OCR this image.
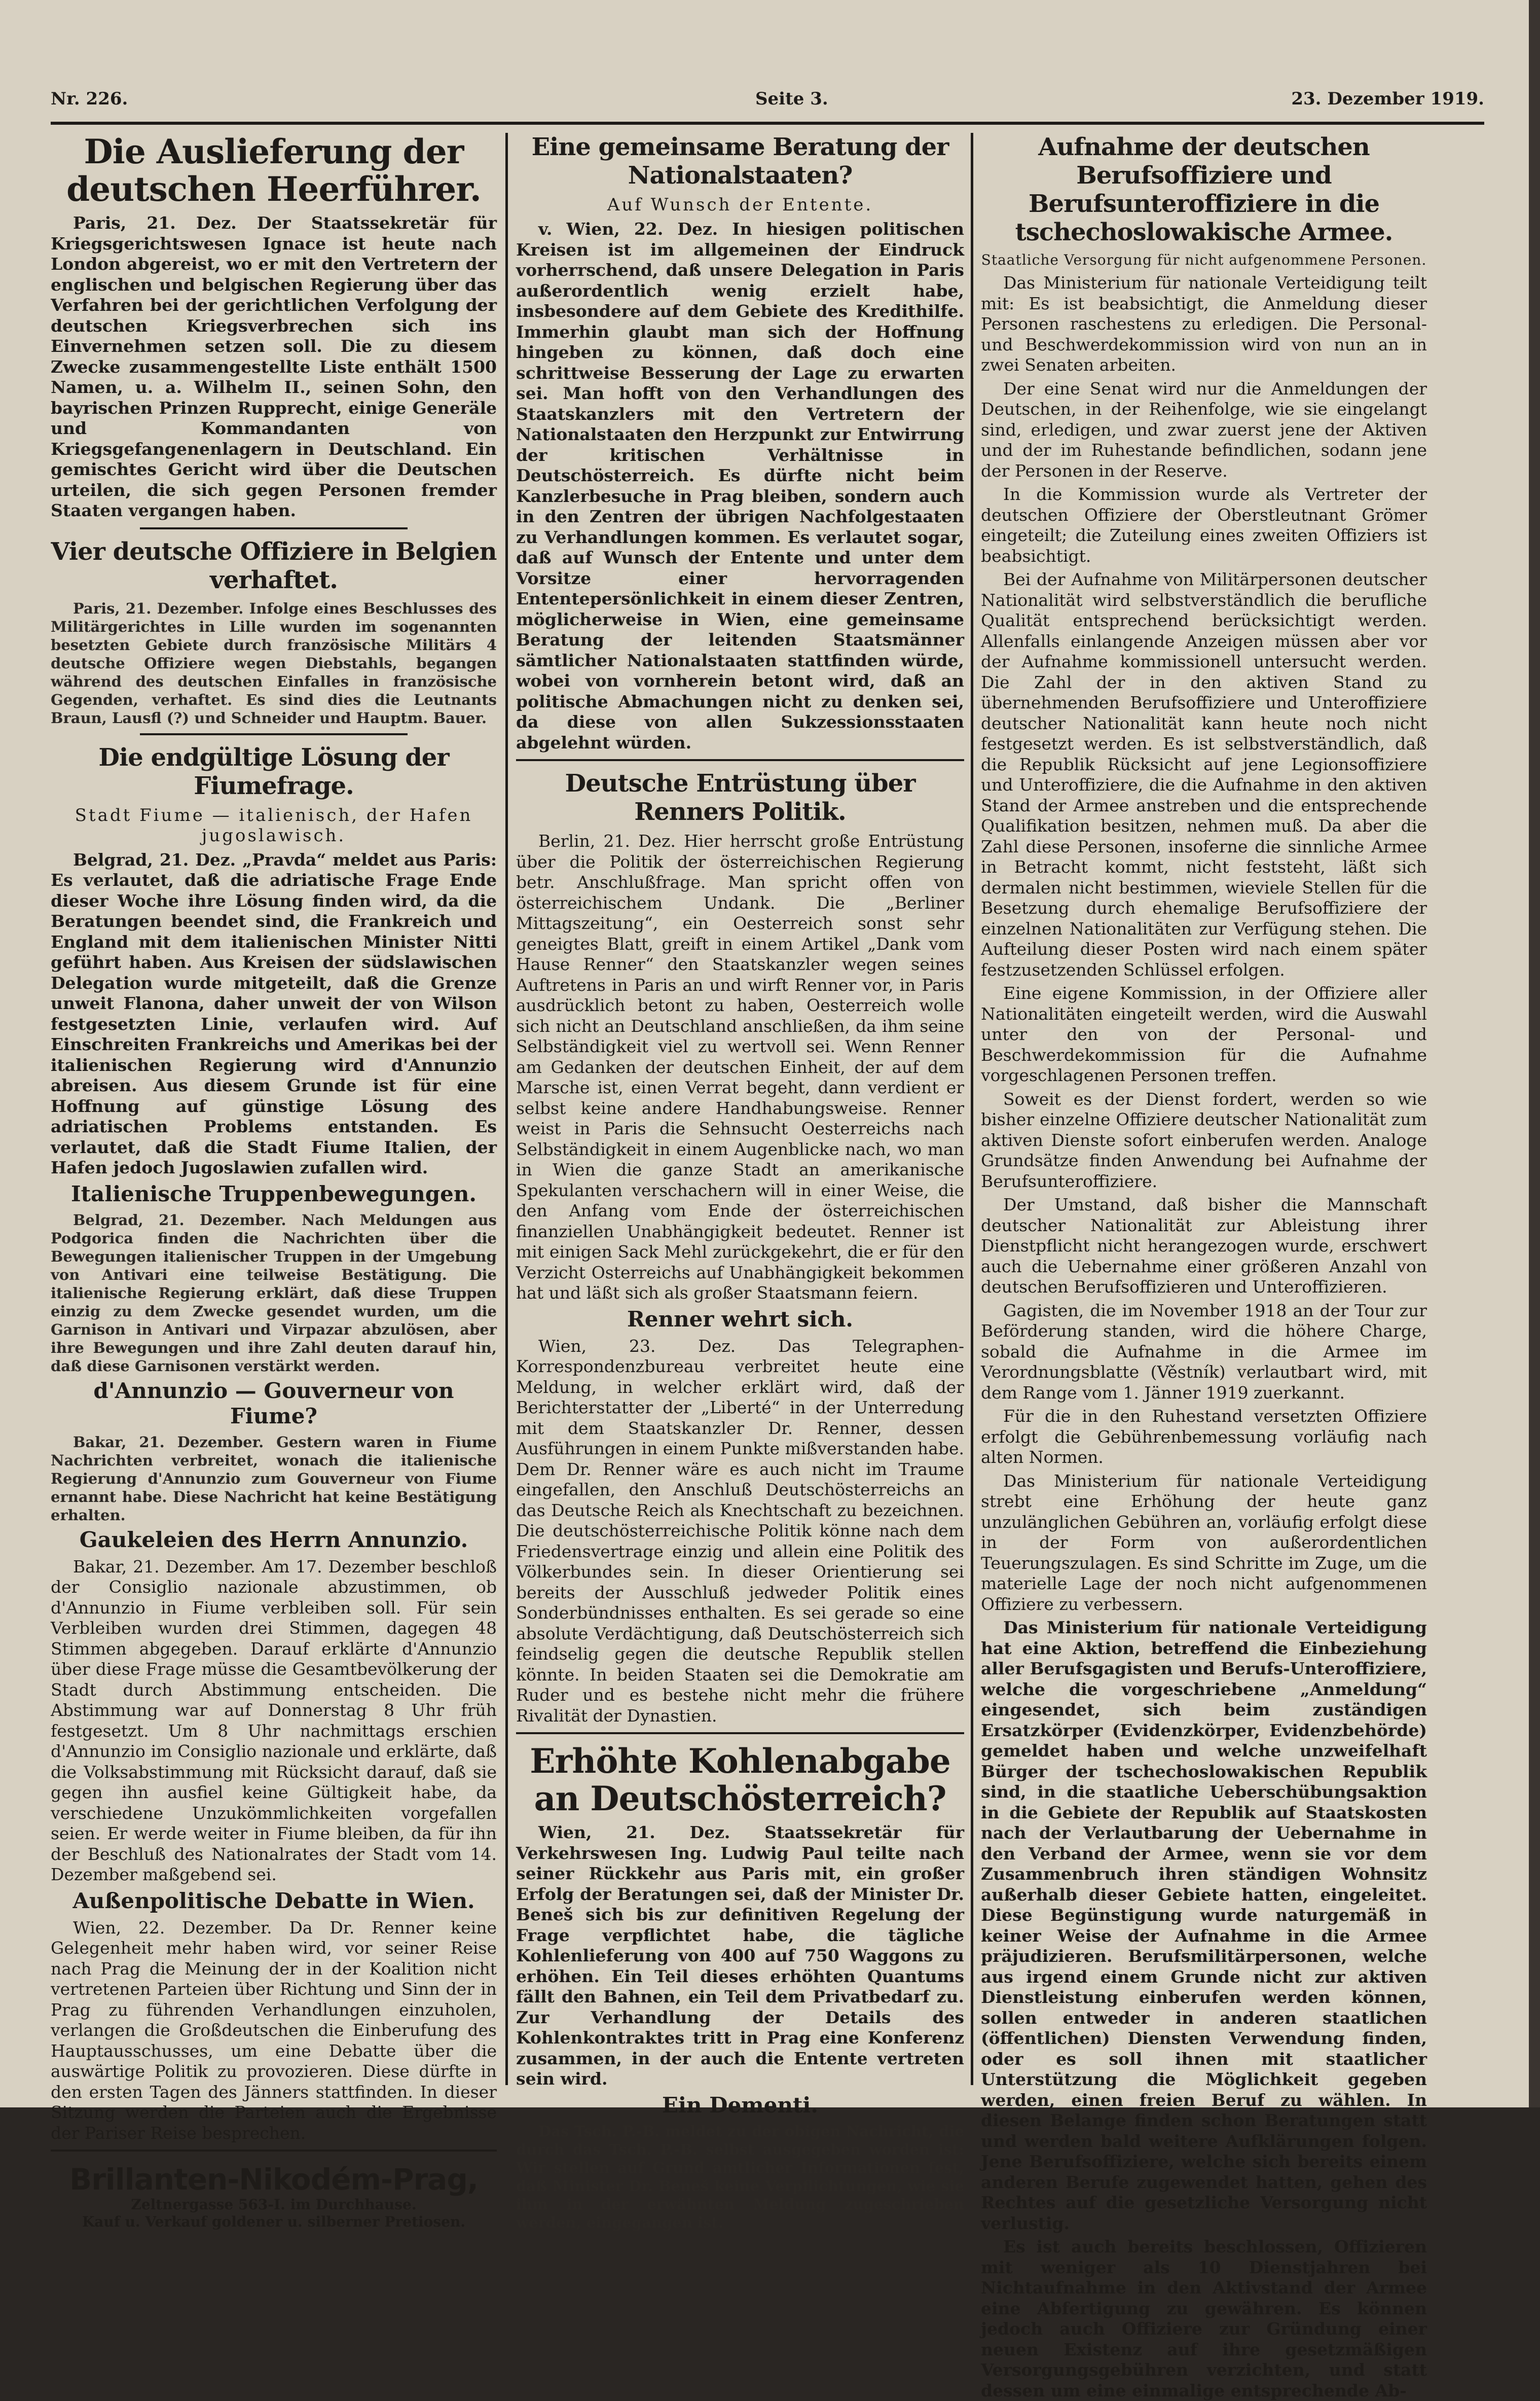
Nr. 226.	Seite 3.	23. Dezember 1919.
Die Auslieferung der deutschen Heerführer.

Paris, 21. Dez. Der Staatssekretär für Kriegsgerichtswesen Ignace ist heute nach London abgereist, wo er mit den Vertretern der englischen und belgischen Regierung über das Verfahren bei der gerichtlichen Verfolgung der deutschen Kriegsverbrechen sich ins Einvernehmen setzen soll. Die zu diesem Zwecke zusammengestellte Liste enthält 1500 Namen, u. a. Wilhelm II., seinen Sohn, den bayrischen Prinzen Rupprecht, einige Generäle und Kommandanten von Kriegsgefangenenlagern in Deutschland. Ein gemischtes Gericht wird über die Deutschen urteilen, die sich gegen Personen fremder Staaten vergangen haben.

Vier deutsche Offiziere in Belgien verhaftet.

Paris, 21. Dezember. Infolge eines Beschlusses des Militärgerichtes in Lille wurden im sogenannten besetzten Gebiete durch französische Militärs 4 deutsche Offiziere wegen Diebstahls, begangen während des deutschen Einfalles in französische Gegenden, verhaftet. Es sind dies die Leutnants Braun, Lausfl (?) und Schneider und Hauptm. Bauer.

Die endgültige Lösung der Fiumefrage.
Stadt Fiume — italienisch, der Hafen jugoslawisch.

Belgrad, 21. Dez. „Pravda“ meldet aus Paris: Es verlautet, daß die adriatische Frage Ende dieser Woche ihre Lösung finden wird, da die Beratungen beendet sind, die Frankreich und England mit dem italienischen Minister Nitti geführt haben. Aus Kreisen der südslawischen Delegation wurde mitgeteilt, daß die Grenze unweit Flanona, daher unweit der von Wilson festgesetzten Linie, verlaufen wird. Auf Einschreiten Frankreichs und Amerikas bei der italienischen Regierung wird d'Annunzio abreisen. Aus diesem Grunde ist für eine Hoffnung auf günstige Lösung des adriatischen Problems entstanden. Es verlautet, daß die Stadt Fiume Italien, der Hafen jedoch Jugoslawien zufallen wird.

Italienische Truppenbewegungen.

Belgrad, 21. Dezember. Nach Meldungen aus Podgorica finden die Nachrichten über die Bewegungen italienischer Truppen in der Umgebung von Antivari eine teilweise Bestätigung. Die italienische Regierung erklärt, daß diese Truppen einzig zu dem Zwecke gesendet wurden, um die Garnison in Antivari und Virpazar abzulösen, aber ihre Bewegungen und ihre Zahl deuten darauf hin, daß diese Garnisonen verstärkt werden.

d'Annunzio — Gouverneur von Fiume?

Bakar, 21. Dezember. Gestern waren in Fiume Nachrichten verbreitet, wonach die italienische Regierung d'Annunzio zum Gouverneur von Fiume ernannt habe. Diese Nachricht hat keine Bestätigung erhalten.

Gaukeleien des Herrn Annunzio.

Bakar, 21. Dezember. Am 17. Dezember beschloß der Consiglio nazionale abzustimmen, ob d'Annunzio in Fiume verbleiben soll. Für sein Verbleiben wurden drei Stimmen, dagegen 48 Stimmen abgegeben. Darauf erklärte d'Annunzio über diese Frage müsse die Gesamtbevölkerung der Stadt durch Abstimmung entscheiden. Die Abstimmung war auf Donnerstag 8 Uhr früh festgesetzt. Um 8 Uhr nachmittags erschien d'Annunzio im Consiglio nazionale und erklärte, daß die Volksabstimmung mit Rücksicht darauf, daß sie gegen ihn ausfiel keine Gültigkeit habe, da verschiedene Unzukömmlichkeiten vorgefallen seien. Er werde weiter in Fiume bleiben, da für ihn der Beschluß des Nationalrates der Stadt vom 14. Dezember maßgebend sei.

Außenpolitische Debatte in Wien.

Wien, 22. Dezember. Da Dr. Renner keine Gelegenheit mehr haben wird, vor seiner Reise nach Prag die Meinung der in der Koalition nicht vertretenen Parteien über Richtung und Sinn der in Prag zu führenden Verhandlungen einzuholen, verlangen die Großdeutschen die Einberufung des Hauptausschusses, um eine Debatte über die auswärtige Politik zu provozieren. Diese dürfte in den ersten Tagen des Jänners stattfinden. In dieser Sitzung werden die Parteien auch die Ergebnisse der Pariser Reise besprechen.

Brillanten-Nikodém-Prag,
Zeltnergasse 563-I. im Durchhause.
Kauf u. Verkauf goldener u. silberner Pretiosen.
Eine gemeinsame Beratung der Nationalstaaten?
Auf Wunsch der Entente.

v. Wien, 22. Dez. In hiesigen politischen Kreisen ist im allgemeinen der Eindruck vorherrschend, daß unsere Delegation in Paris außerordentlich wenig erzielt habe, insbesondere auf dem Gebiete des Kredithilfe. Immerhin glaubt man sich der Hoffnung hingeben zu können, daß doch eine schrittweise Besserung der Lage zu erwarten sei. Man hofft von den Verhandlungen des Staatskanzlers mit den Vertretern der Nationalstaaten den Herzpunkt zur Entwirrung der kritischen Verhältnisse in Deutschösterreich. Es dürfte nicht beim Kanzlerbesuche in Prag bleiben, sondern auch in den Zentren der übrigen Nachfolgestaaten zu Verhandlungen kommen. Es verlautet sogar, daß auf Wunsch der Entente und unter dem Vorsitze einer hervorragenden Ententepersönlichkeit in einem dieser Zentren, möglicherweise in Wien, eine gemeinsame Beratung der leitenden Staatsmänner sämtlicher Nationalstaaten stattfinden würde, wobei von vornherein betont wird, daß an politische Abmachungen nicht zu denken sei, da diese von allen Sukzessionsstaaten abgelehnt würden.

Deutsche Entrüstung über Renners Politik.

Berlin, 21. Dez. Hier herrscht große Entrüstung über die Politik der österreichischen Regierung betr. Anschlußfrage. Man spricht offen von österreichischem Undank. Die „Berliner Mittagszeitung“, ein Oesterreich sonst sehr geneigtes Blatt, greift in einem Artikel „Dank vom Hause Renner“ den Staatskanzler wegen seines Auftretens in Paris an und wirft Renner vor, in Paris ausdrücklich betont zu haben, Oesterreich wolle sich nicht an Deutschland anschließen, da ihm seine Selbständigkeit viel zu wertvoll sei. Wenn Renner am Gedanken der deutschen Einheit, der auf dem Marsche ist, einen Verrat begeht, dann verdient er selbst keine andere Handhabungsweise. Renner weist in Paris die Sehnsucht Oesterreichs nach Selbständigkeit in einem Augenblicke nach, wo man in Wien die ganze Stadt an amerikanische Spekulanten verschachern will in einer Weise, die den Anfang vom Ende der österreichischen finanziellen Unabhängigkeit bedeutet. Renner ist mit einigen Sack Mehl zurückgekehrt, die er für den Verzicht Osterreichs auf Unabhängigkeit bekommen hat und läßt sich als großer Staatsmann feiern.

Renner wehrt sich.

Wien, 23. Dez. Das Telegraphen-Korrespondenzbureau verbreitet heute eine Meldung, in welcher erklärt wird, daß der Berichterstatter der „Liberté“ in der Unterredung mit dem Staatskanzler Dr. Renner, dessen Ausführungen in einem Punkte mißverstanden habe. Dem Dr. Renner wäre es auch nicht im Traume eingefallen, den Anschluß Deutschösterreichs an das Deutsche Reich als Knechtschaft zu bezeichnen. Die deutschösterreichische Politik könne nach dem Friedensvertrage einzig und allein eine Politik des Völkerbundes sein. In dieser Orientierung sei bereits der Ausschluß jedweder Politik eines Sonderbündnisses enthalten. Es sei gerade so eine absolute Verdächtigung, daß Deutschösterreich sich feindselig gegen die deutsche Republik stellen könnte. In beiden Staaten sei die Demokratie am Ruder und es bestehe nicht mehr die frühere Rivalität der Dynastien.

Erhöhte Kohlenabgabe an Deutschösterreich?

Wien, 21. Dez. Staatssekretär für Verkehrswesen Ing. Ludwig Paul teilte nach seiner Rückkehr aus Paris mit, ein großer Erfolg der Beratungen sei, daß der Minister Dr. Beneš sich bis zur definitiven Regelung der Frage verpflichtet habe, die tägliche Kohlenlieferung von 400 auf 750 Waggons zu erhöhen. Ein Teil dieses erhöhten Quantums fällt den Bahnen, ein Teil dem Privatbedarf zu. Zur Verhandlung der Details des Kohlenkontraktes tritt in Prag eine Konferenz zusammen, in der auch die Entente vertreten sein wird.

Ein Dementi.

Das Tsch. P.-B. meldet zu der obigen Nachricht, die durch das Tsch. P.-B. selbst ausgegeben worden ist: Wir stellen auf Grund amtlicher Informationen fest, daß Minister Dr. Beneš keine Verpflichtungen, wie sie ihm in der erwähnten Meldung zugeschrieben werden, eingegangen ist.

Aufnahme der deutschen Berufsoffiziere und Berufsunteroffiziere in die tschechoslowakische Armee.
Staatliche Versorgung für nicht aufgenommene Personen.

Das Ministerium für nationale Verteidigung teilt mit: Es ist beabsichtigt, die Anmeldung dieser Personen raschestens zu erledigen. Die Personal- und Beschwerdekommission wird von nun an in zwei Senaten arbeiten.

Der eine Senat wird nur die Anmeldungen der Deutschen, in der Reihenfolge, wie sie eingelangt sind, erledigen, und zwar zuerst jene der Aktiven und der im Ruhestande befindlichen, sodann jene der Personen in der Reserve.

In die Kommission wurde als Vertreter der deutschen Offiziere der Oberstleutnant Grömer eingeteilt; die Zuteilung eines zweiten Offiziers ist beabsichtigt.

Bei der Aufnahme von Militärpersonen deutscher Nationalität wird selbstverständlich die berufliche Qualität entsprechend berücksichtigt werden. Allenfalls einlangende Anzeigen müssen aber vor der Aufnahme kommissionell untersucht werden. Die Zahl der in den aktiven Stand zu übernehmenden Berufsoffiziere und Unteroffiziere deutscher Nationalität kann heute noch nicht festgesetzt werden. Es ist selbstverständlich, daß die Republik Rücksicht auf jene Legionsoffiziere und Unteroffiziere, die die Aufnahme in den aktiven Stand der Armee anstreben und die entsprechende Qualifikation besitzen, nehmen muß. Da aber die Zahl diese Personen, insoferne die sinnliche Armee in Betracht kommt, nicht feststeht, läßt sich dermalen nicht bestimmen, wieviele Stellen für die Besetzung durch ehemalige Berufsoffiziere der einzelnen Nationalitäten zur Verfügung stehen. Die Aufteilung dieser Posten wird nach einem später festzusetzenden Schlüssel erfolgen.

Eine eigene Kommission, in der Offiziere aller Nationalitäten eingeteilt werden, wird die Auswahl unter den von der Personal- und Beschwerdekommission für die Aufnahme vorgeschlagenen Personen treffen.

Soweit es der Dienst fordert, werden so wie bisher einzelne Offiziere deutscher Nationalität zum aktiven Dienste sofort einberufen werden. Analoge Grundsätze finden Anwendung bei Aufnahme der Berufsunteroffiziere.

Der Umstand, daß bisher die Mannschaft deutscher Nationalität zur Ableistung ihrer Dienstpflicht nicht herangezogen wurde, erschwert auch die Uebernahme einer größeren Anzahl von deutschen Berufsoffizieren und Unteroffizieren.

Gagisten, die im November 1918 an der Tour zur Beförderung standen, wird die höhere Charge, sobald die Aufnahme in die Armee im Verordnungsblatte (Věstník) verlautbart wird, mit dem Range vom 1. Jänner 1919 zuerkannt.

Für die in den Ruhestand versetzten Offiziere erfolgt die Gebührenbemessung vorläufig nach alten Normen.

Das Ministerium für nationale Verteidigung strebt eine Erhöhung der heute ganz unzulänglichen Gebühren an, vorläufig erfolgt diese in der Form von außerordentlichen Teuerungszulagen. Es sind Schritte im Zuge, um die materielle Lage der noch nicht aufgenommenen Offiziere zu verbessern.

Das Ministerium für nationale Verteidigung hat eine Aktion, betreffend die Einbeziehung aller Berufsgagisten und Berufs-Unteroffiziere, welche die vorgeschriebene „Anmeldung“ eingesendet, sich beim zuständigen Ersatzkörper (Evidenzkörper, Evidenzbehörde) gemeldet haben und welche unzweifelhaft Bürger der tschechoslowakischen Republik sind, in die staatliche Ueberschübungsaktion in die Gebiete der Republik auf Staatskosten nach der Verlautbarung der Uebernahme in den Verband der Armee, wenn sie vor dem Zusammenbruch ihren ständigen Wohnsitz außerhalb dieser Gebiete hatten, eingeleitet. Diese Begünstigung wurde naturgemäß in keiner Weise der Aufnahme in die Armee präjudizieren. Berufsmilitärpersonen, welche aus irgend einem Grunde nicht zur aktiven Dienstleistung einberufen werden können, sollen entweder in anderen staatlichen (öffentlichen) Diensten Verwendung finden, oder es soll ihnen mit staatlicher Unterstützung die Möglichkeit gegeben werden, einen freien Beruf zu wählen. In diesen Belange finden schon Beratungen statt und werden bald weitere Aufklärungen folgen. Jene Berufsoffiziere, welche sich bereits einem anderen Berufe zugewendet hatten, gehen des Rechtes auf die gesetzliche Versorgung nicht verlustig.

Es ist auch bereits beschlossen, Offizieren mit weniger als 10 Dienstjahren bei Nichtaufnahme in den Aktivstand der Armee eine Abfertigung zu gewähren. Es können jedoch auch Offiziere zur Gründung einer neuen Existenz auf ihre gesetzmäßigen Versorgungsgebühren verzichten, und statt dessen um eine einmalige entsprechende Ab-
